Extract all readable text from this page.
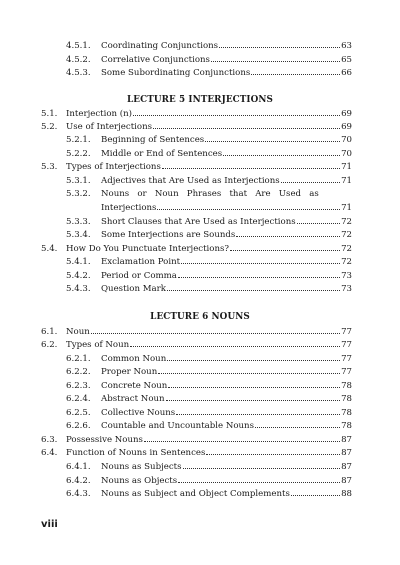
4.5.1.	Coordinating Conjunctions	63
4.5.2.	Correlative Conjunctions	65
4.5.3.	Some Subordinating Conjunctions	66
LECTURE 5 INTERJECTIONS
5.1. Interjection (n)	69
5.2. Use of Interjections	69
5.2.1.	Beginning of Sentences	70
5.2.2.	Middle or End of Sentences	70
5.3. Types of Interjections	71
5.3.1.	Adjectives that Are Used as Interjections	71
5.3.2.	Nouns   or   Noun   Phrases   that   Are   Used   as
Interjections	71
5.3.3.	Short Clauses that Are Used as Interjections	72
5.3.4.	Some Interjections are Sounds	72
5.4. How Do You Punctuate Interjections?	72
5.4.1.	Exclamation Point	72
5.4.2.	Period or Comma	73
5.4.3.	Question Mark	73
LECTURE 6 NOUNS
6.1. Noun	77
6.2. Types of Noun	77
6.2.1.	Common Noun	77
6.2.2.	Proper Noun	77
6.2.3.	Concrete Noun	78
6.2.4.	Abstract Noun	78
6.2.5.	Collective Nouns	78
6.2.6.	Countable and Uncountable Nouns	78
6.3. Possessive Nouns	87
6.4. Function of Nouns in Sentences	87
6.4.1.	Nouns as Subjects	87
6.4.2.	Nouns as Objects	87
6.4.3.	Nouns as Subject and Object Complements	88
viii
